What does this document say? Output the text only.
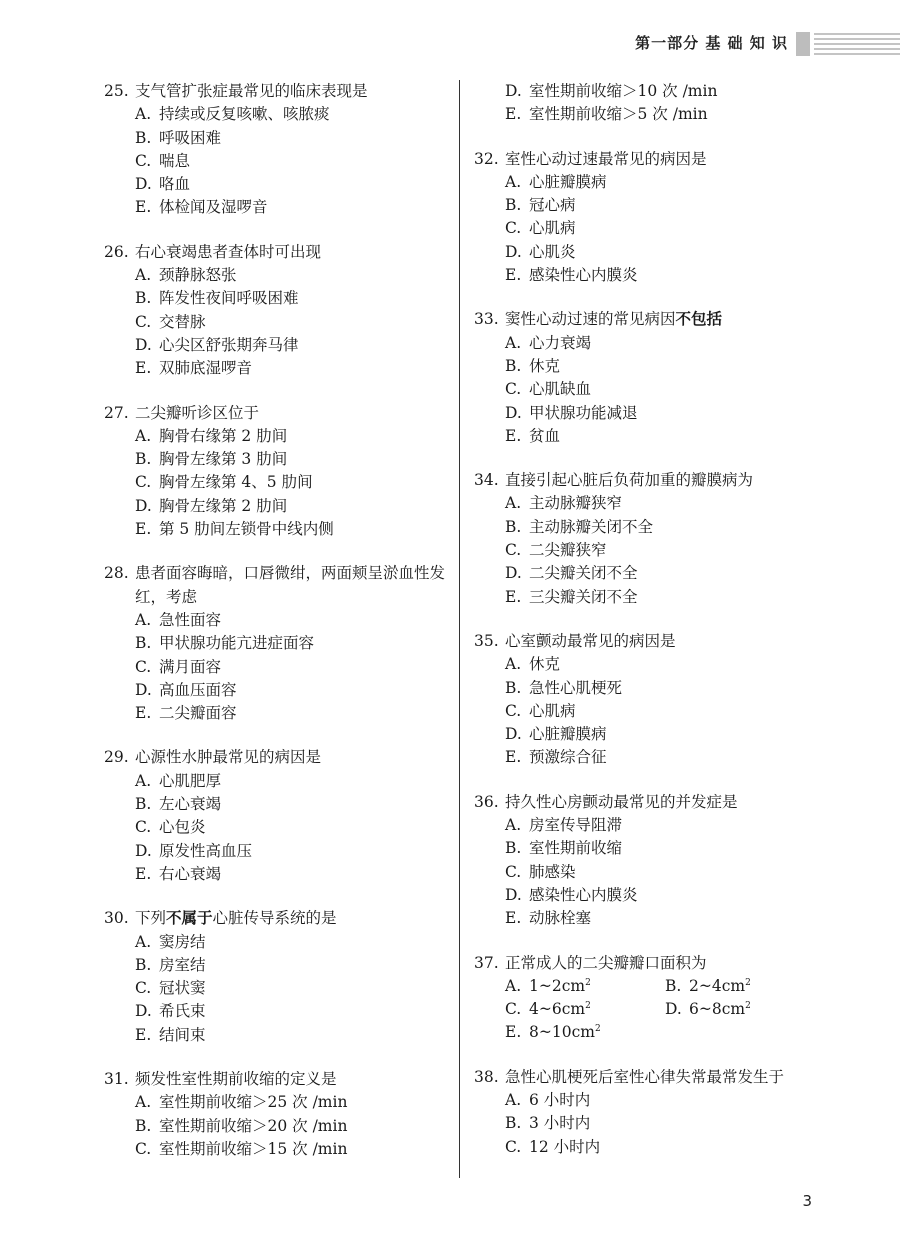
第一部分 基 础 知 识
25. 支气管扩张症最常见的临床表现是
A. 持续或反复咳嗽、咳脓痰
B. 呼吸困难
C. 喘息
D. 咯血
E. 体检闻及湿啰音
26. 右心衰竭患者查体时可出现
A. 颈静脉怒张
B. 阵发性夜间呼吸困难
C. 交替脉
D. 心尖区舒张期奔马律
E. 双肺底湿啰音
27. 二尖瓣听诊区位于
A. 胸骨右缘第 2 肋间
B. 胸骨左缘第 3 肋间
C. 胸骨左缘第 4、5 肋间
D. 胸骨左缘第 2 肋间
E. 第 5 肋间左锁骨中线内侧
28. 患者面容晦暗，口唇微绀，两面颊呈淤血性发红，考虑
A. 急性面容
B. 甲状腺功能亢进症面容
C. 满月面容
D. 高血压面容
E. 二尖瓣面容
29. 心源性水肿最常见的病因是
A. 心肌肥厚
B. 左心衰竭
C. 心包炎
D. 原发性高血压
E. 右心衰竭
30. 下列不属于心脏传导系统的是
A. 窦房结
B. 房室结
C. 冠状窦
D. 希氏束
E. 结间束
31. 频发性室性期前收缩的定义是
A. 室性期前收缩＞25 次 /min
B. 室性期前收缩＞20 次 /min
C. 室性期前收缩＞15 次 /min
D. 室性期前收缩＞10 次 /min
E. 室性期前收缩＞5 次 /min
32. 室性心动过速最常见的病因是
A. 心脏瓣膜病
B. 冠心病
C. 心肌病
D. 心肌炎
E. 感染性心内膜炎
33. 窦性心动过速的常见病因不包括
A. 心力衰竭
B. 休克
C. 心肌缺血
D. 甲状腺功能减退
E. 贫血
34. 直接引起心脏后负荷加重的瓣膜病为
A. 主动脉瓣狭窄
B. 主动脉瓣关闭不全
C. 二尖瓣狭窄
D. 二尖瓣关闭不全
E. 三尖瓣关闭不全
35. 心室颤动最常见的病因是
A. 休克
B. 急性心肌梗死
C. 心肌病
D. 心脏瓣膜病
E. 预激综合征
36. 持久性心房颤动最常见的并发症是
A. 房室传导阻滞
B. 室性期前收缩
C. 肺感染
D. 感染性心内膜炎
E. 动脉栓塞
37. 正常成人的二尖瓣瓣口面积为
A. $1\sim 2cm^2$	B. $2\sim 4cm^2$
C. $4\sim 6cm^2$	D. $6\sim 8cm^2$
E. $8\sim 10cm^2$
38. 急性心肌梗死后室性心律失常最常发生于
A. 6 小时内
B. 3 小时内
C. 12 小时内
3
